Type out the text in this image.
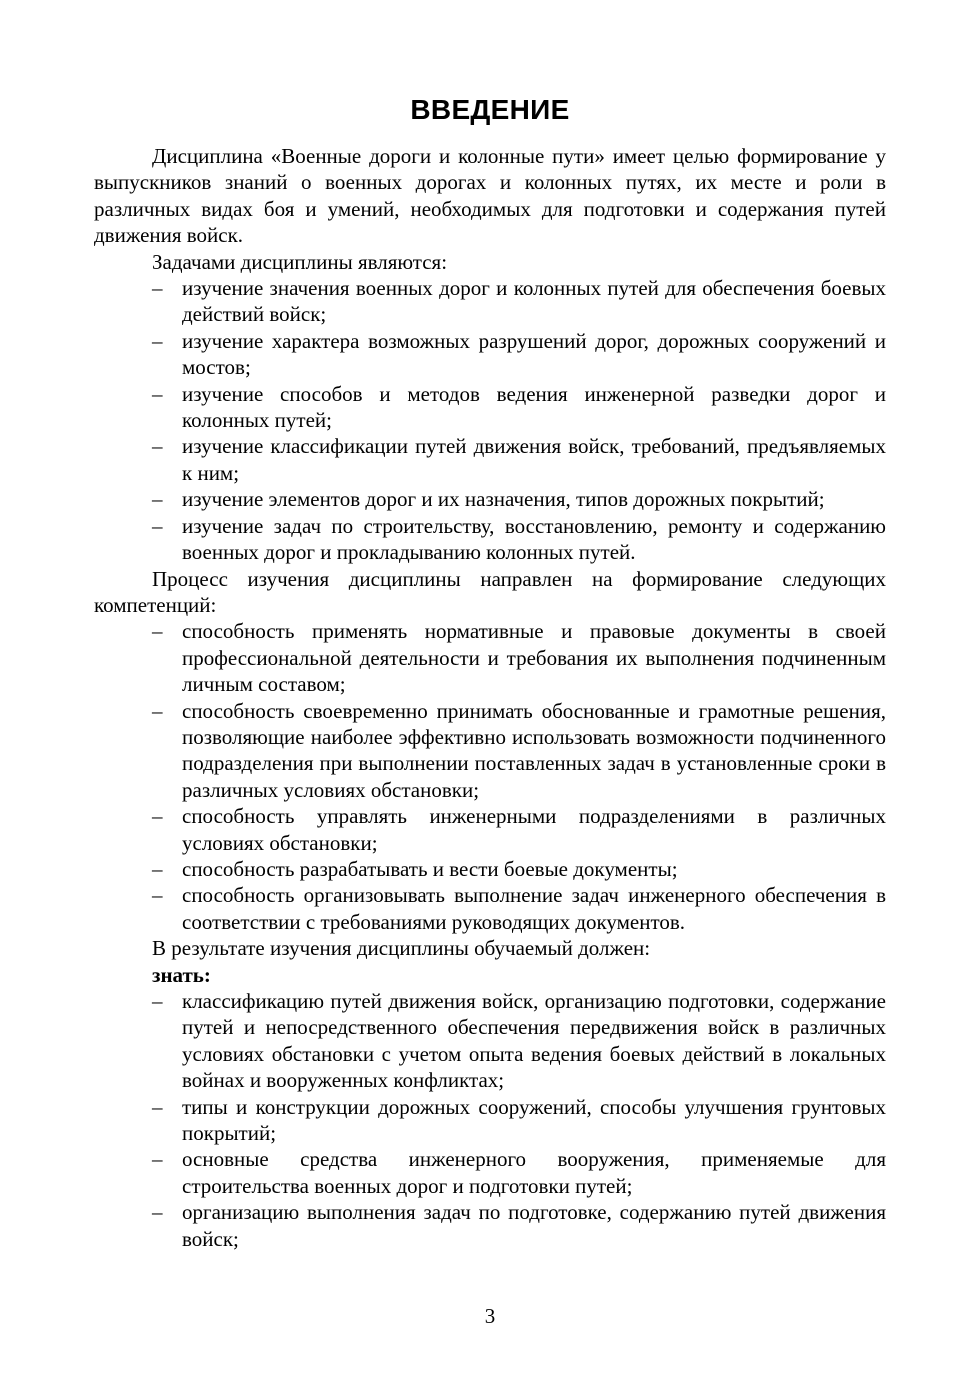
ВВЕДЕНИЕ

Дисциплина «Военные дороги и колонные пути» имеет целью формирование у выпускников знаний о военных дорогах и колонных путях, их месте и роли в различных видах боя и умений, необходимых для подготовки и содержания путей движения войск.

Задачами дисциплины являются:

– изучение значения военных дорог и колонных путей для обеспечения боевых действий войск;
– изучение характера возможных разрушений дорог, дорожных сооружений и мостов;
– изучение способов и методов ведения инженерной разведки дорог и колонных путей;
– изучение классификации путей движения войск, требований, предъявляемых к ним;
– изучение элементов дорог и их назначения, типов дорожных покрытий;
– изучение задач по строительству, восстановлению, ремонту и содержанию военных дорог и прокладыванию колонных путей.

Процесс изучения дисциплины направлен на формирование следующих компетенций:

– способность применять нормативные и правовые документы в своей профессиональной деятельности и требования их выполнения подчиненным личным составом;
– способность своевременно принимать обоснованные и грамотные решения, позволяющие наиболее эффективно использовать возможности подчиненного подразделения при выполнении поставленных задач в установленные сроки в различных условиях обстановки;
– способность управлять инженерными подразделениями в различных условиях обстановки;
– способность разрабатывать и вести боевые документы;
– способность организовывать выполнение задач инженерного обеспечения в соответствии с требованиями руководящих документов.

В результате изучения дисциплины обучаемый должен:

знать:

– классификацию путей движения войск, организацию подготовки, содержание путей и непосредственного обеспечения передвижения войск в различных условиях обстановки с учетом опыта ведения боевых действий в локальных войнах и вооруженных конфликтах;
– типы и конструкции дорожных сооружений, способы улучшения грунтовых покрытий;
– основные средства инженерного вооружения, применяемые для строительства военных дорог и подготовки путей;
– организацию выполнения задач по подготовке, содержанию путей движения войск;
3
